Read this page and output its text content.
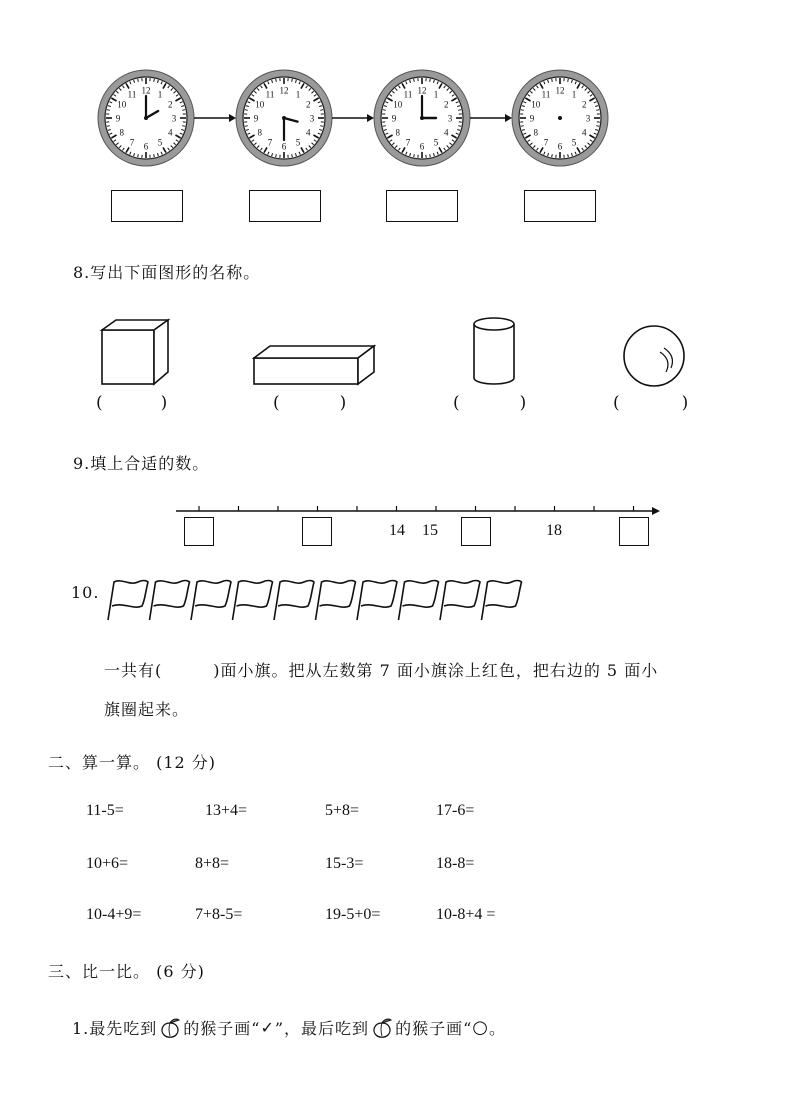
12 1
2
3
4
5
6
7
8
9
10
11	12 1
2
3
4
5
6
7
8
9
10
11	12 1
2
3
4
5
6
7
8
9
10
11	12 1
2
3
4
5
6
7
8
9
10
11
8.写出下面图形的名称。
(	)	(	)	(	)	(	)
9.填上合适的数。
14 15	18
10.
一共有(　　　)面小旗。把从左数第 7 面小旗涂上红色，把右边的 5 面小
旗圈起来。
二、算一算。 (12 分)
11-5=	13+4=	5+8=	17-6=
10+6=	8+8=	15-3=	18-8=
10-4+9=	7+8-5=	19-5+0=	10-8+4 =
三、比一比。 (6 分)
1.最先吃到 的猴子画“ ✓ ”，最后吃到 的猴子画“ ○ 。
